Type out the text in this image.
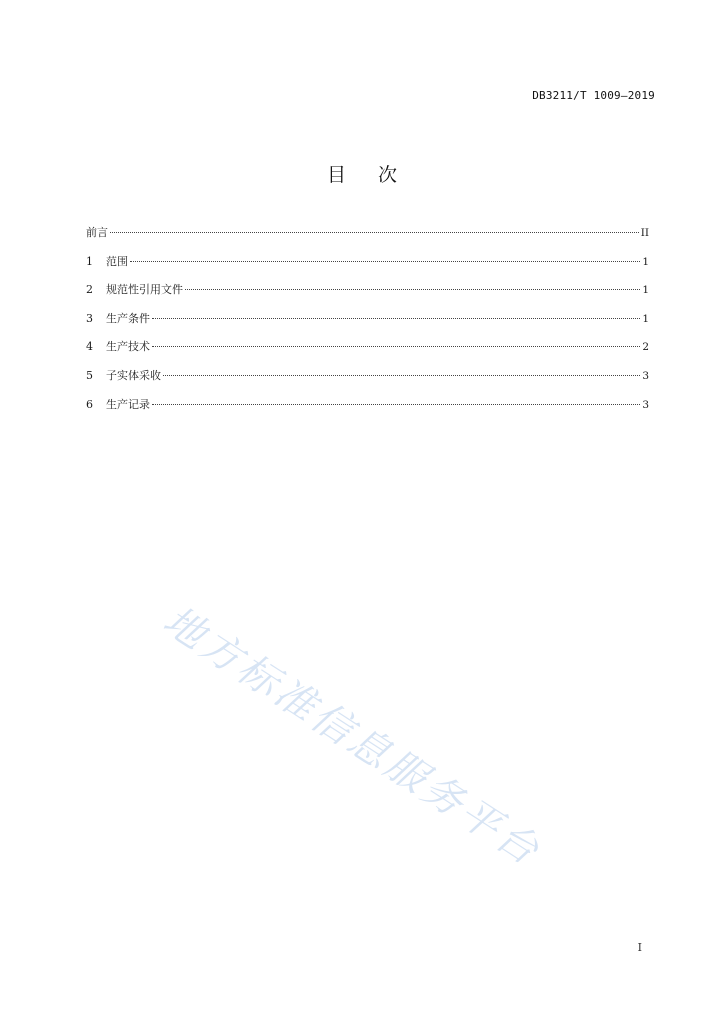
DB3211/T 1009—2019
目次
前言	II
1	范围	1
2	规范性引用文件	1
3	生产条件	1
4	生产技术	2
5	子实体采收	3
6	生产记录	3
地方标准信息服务平台
I
